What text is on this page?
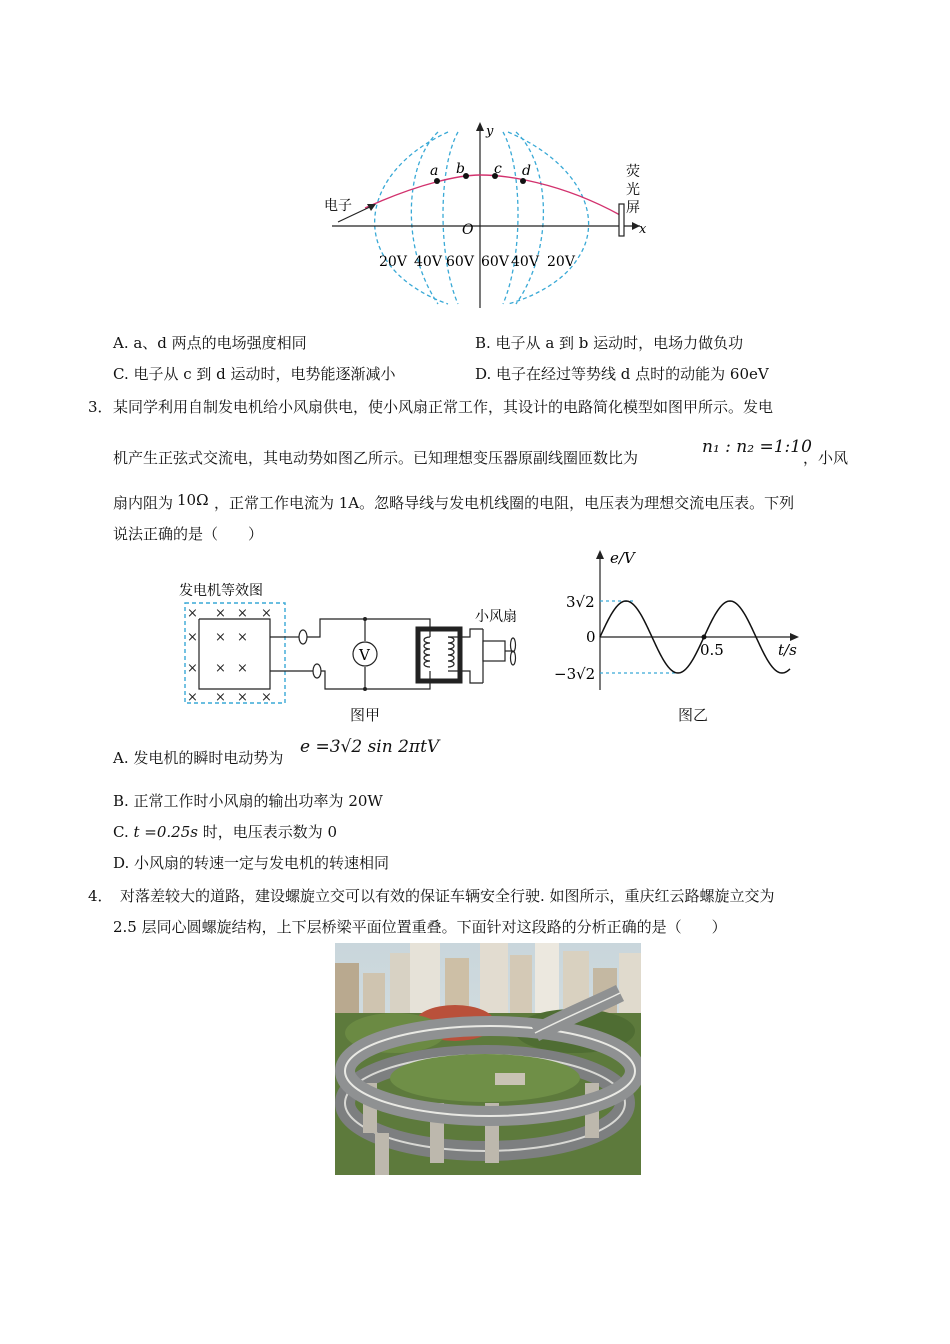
a b c d
y
x
O
电子
荧
光
屏
20V 40V 60V 60V 40V 20V
A. a、d 两点的电场强度相同	B. 电子从 a 到 b 运动时，电场力做负功
C. 电子从 c 到 d 运动时，电势能逐渐减小	D. 电子在经过等势线 d 点时的动能为 60eV
3． 某同学利用自制发电机给小风扇供电，使小风扇正常工作，其设计的电路简化模型如图甲所示。发电
机产生正弦式交流电，其电动势如图乙所示。已知理想变压器原副线圈匝数比为
n₁ : n₂ =1:10
，小风
扇内阻为 10Ω ，正常工作电流为 1A。忽略导线与发电机线圈的电阻，电压表为理想交流电压表。下列
说法正确的是（　　）
发电机等效图
× × × ×
× × ×
× × ×
× × × ×
V
小风扇
图甲
e/V
t/s
3√2
−3√2
0
0.5
图乙
A. 发电机的瞬时电动势为
e =3√2 sin 2πtV
B. 正常工作时小风扇的输出功率为 20W
C. t =0.25s 时，电压表示数为 0
D. 小风扇的转速一定与发电机的转速相同
4． 对落差较大的道路，建设螺旋立交可以有效的保证车辆安全行驶. 如图所示，重庆红云路螺旋立交为
2.5 层同心圆螺旋结构，上下层桥梁平面位置重叠。下面针对这段路的分析正确的是（　　）
